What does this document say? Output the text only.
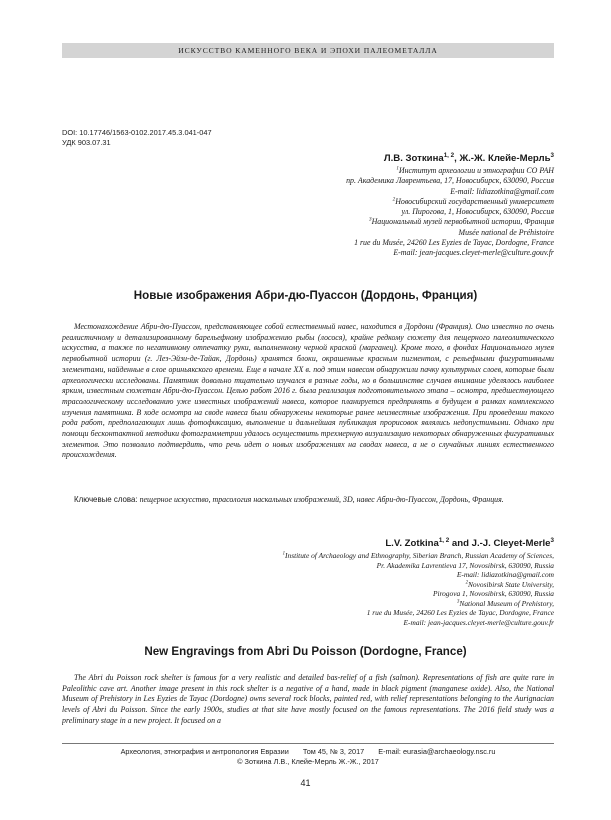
ИСКУССТВО КАМЕННОГО ВЕКА И ЭПОХИ ПАЛЕОМЕТАЛЛА
DOI: 10.17746/1563-0102.2017.45.3.041-047
УДК 903.07.31
Л.В. Зоткина$^{1, 2}$, Ж.-Ж. Клейе-Мерль$^3$
$^1$Институт археологии и этнографии СО РАН
пр. Академика Лаврентьева, 17, Новосибирск, 630090, Россия
E-mail: lidiazotkina@gmail.com
$^2$Новосибирский государственный университет
ул. Пирогова, 1, Новосибирск, 630090, Россия
$^3$Национальный музей первобытной истории, Франция
Musée national de Préhistoire
1 rue du Musée, 24260 Les Eyzies de Tayac, Dordogne, France
E-mail: jean-jacques.cleyet-merle@culture.gouv.fr
Новые изображения Абри-дю-Пуассон (Дордонь, Франция)
Местонахождение Абри-дю-Пуассон, представляющее собой естественный навес, находится в Дордони (Франция). Оно известно по очень реалистичному и детализированному барельефному изображению рыбы (лосося), крайне редкому сюжету для пещерного палеолитического искусства, а также по негативному отпечатку руки, выполненному черной краской (марганец). Кроме того, в фондах Национального музея первобытной истории (г. Лез-Эйзи-де-Тайак, Дордонь) хранятся блоки, окрашенные красным пигментом, с рельефными фигуративными элементами, найденные в слое ориньякского времени. Еще в начале XX в. под этим навесом обнаружили пачку культурных слоев, которые были археологически исследованы. Памятник довольно тщательно изучался в разные годы, но в большинстве случаев внимание уделялось наиболее ярким, известным сюжетам Абри-дю-Пуассон. Целью работ 2016 г. была реализация подготовительного этапа – осмотра, предшествующего трасологическому исследованию уже известных изображений навеса, которое планируется предпринять в будущем в рамках комплексного изучения памятника. В ходе осмотра на своде навеса были обнаружены некоторые ранее неизвестные изображения. При проведении такого рода работ, предполагающих лишь фотофиксацию, выполнение и дальнейшая публикация прорисовок являлись недопустимыми. Однако при помощи бесконтактной методики фотограмметрии удалось осуществить трехмерную визуализацию некоторых обнаруженных фигуративных элементов. Это позволило подтвердить, что речь идет о новых изображениях на сводах навеса, а не о случайных линиях естественного происхождения.
Ключевые слова: пещерное искусство, трасология наскальных изображений, 3D, навес Абри-дю-Пуассон, Дордонь, Франция.
L.V. Zotkina$^{1, 2}$ and J.-J. Cleyet-Merle$^3$
$^1$Institute of Archaeology and Ethnography, Siberian Branch, Russian Academy of Sciences,
Pr. Akademika Lavrentieva 17, Novosibirsk, 630090, Russia
E-mail: lidiazotkina@gmail.com
$^2$Novosibirsk State University,
Pirogova 1, Novosibirsk, 630090, Russia
$^3$National Museum of Prehistory,
1 rue du Musée, 24260 Les Eyzies de Tayac, Dordogne, France
E-mail: jean-jacques.cleyet-merle@culture.gouv.fr
New Engravings from Abri Du Poisson (Dordogne, France)
The Abri du Poisson rock shelter is famous for a very realistic and detailed bas-relief of a fish (salmon). Representations of fish are quite rare in Paleolithic cave art. Another image present in this rock shelter is a negative of a hand, made in black pigment (manganese oxide). Also, the National Museum of Prehistory in Les Eyzies de Tayac (Dordogne) owns several rock blocks, painted red, with relief representations belonging to the Aurignacian levels of Abri du Poisson. Since the early 1900s, studies at that site have mostly focused on the famous representations. The 2016 field study was a preliminary stage in a new project. It focused on a
Археология, этнография и антропология Евразии Том 45, № 3, 2017 E-mail: eurasia@archaeology.nsc.ru
© Зоткина Л.В., Клейе-Мерль Ж.-Ж., 2017
41
